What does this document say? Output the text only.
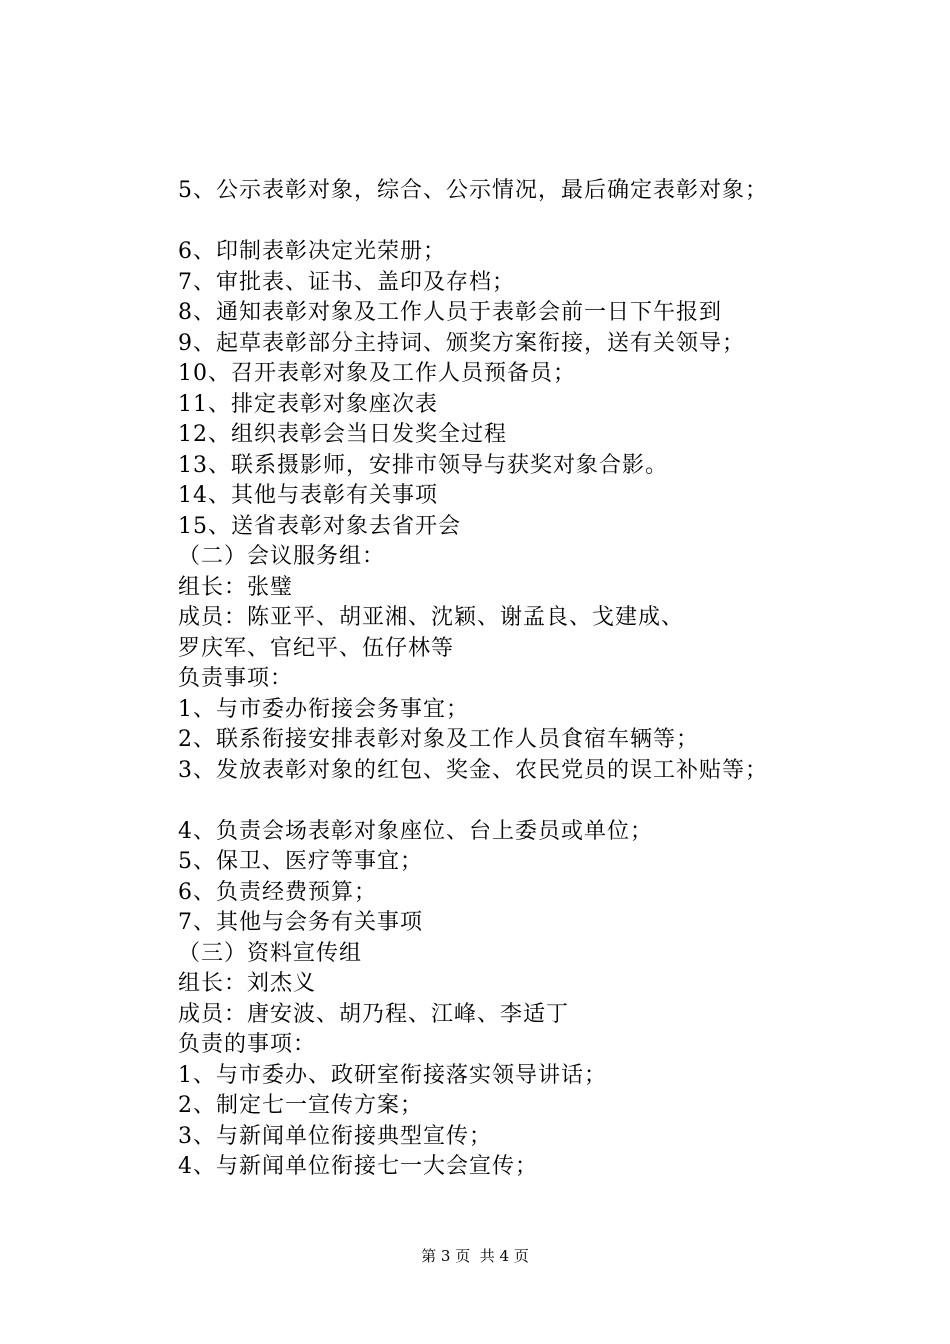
5、公示表彰对象，综合、公示情况，最后确定表彰对象；
6、印制表彰决定光荣册；
7、审批表、证书、盖印及存档；
8、通知表彰对象及工作人员于表彰会前一日下午报到
9、起草表彰部分主持词、颁奖方案衔接，送有关领导；
10、召开表彰对象及工作人员预备员；
11、排定表彰对象座次表
12、组织表彰会当日发奖全过程
13、联系摄影师，安排市领导与获奖对象合影。
14、其他与表彰有关事项
15、送省表彰对象去省开会
（二）会议服务组：
组长：张璧
成员：陈亚平、胡亚湘、沈颖、谢孟良、戈建成、
罗庆军、官纪平、伍仔林等
负责事项：
1、与市委办衔接会务事宜；
2、联系衔接安排表彰对象及工作人员食宿车辆等；
3、发放表彰对象的红包、奖金、农民党员的误工补贴等；
4、负责会场表彰对象座位、台上委员或单位；
5、保卫、医疗等事宜；
6、负责经费预算；
7、其他与会务有关事项
（三）资料宣传组
组长：刘杰义
成员：唐安波、胡乃程、江峰、李适丁
负责的事项：
1、与市委办、政研室衔接落实领导讲话；
2、制定七一宣传方案；
3、与新闻单位衔接典型宣传；
4、与新闻单位衔接七一大会宣传；
第 3 页  共 4 页
